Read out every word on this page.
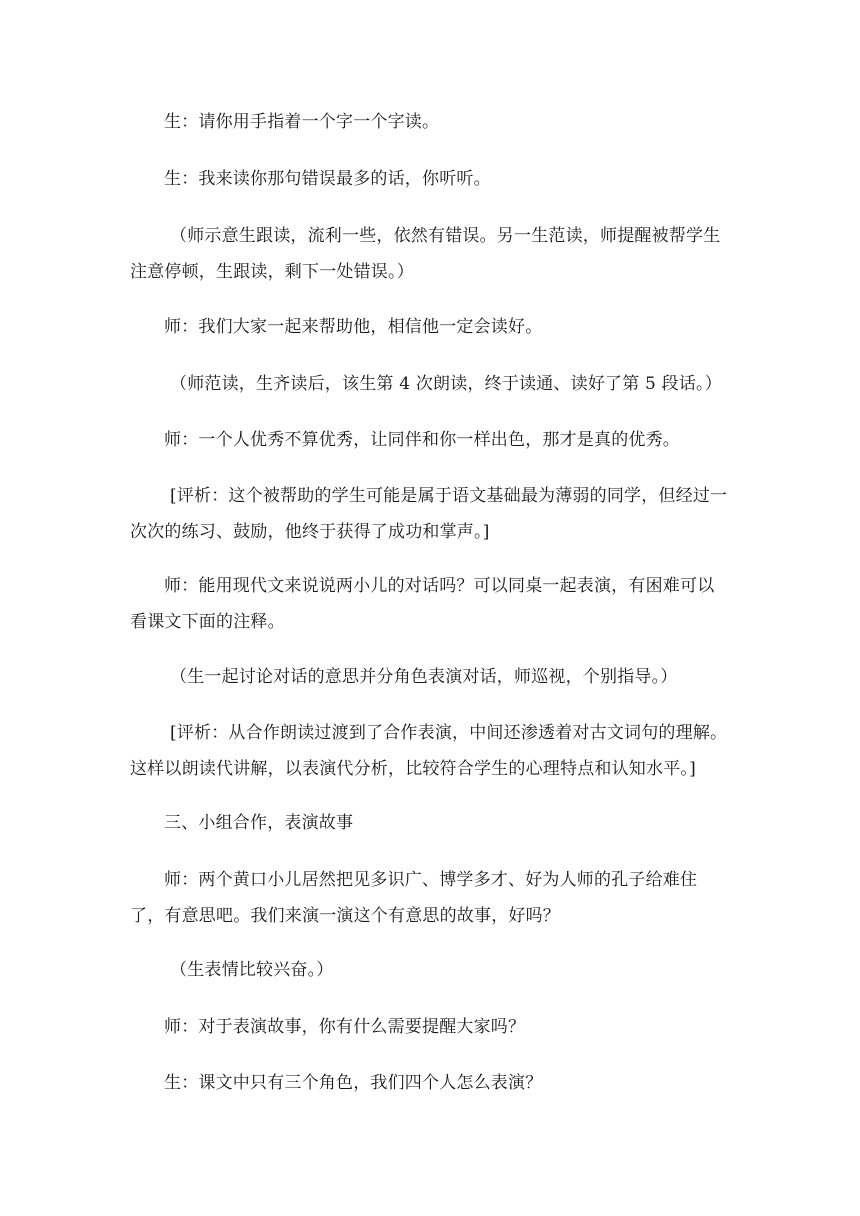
生：请你用手指着一个字一个字读。

生：我来读你那句错误最多的话，你听听。

（师示意生跟读，流利一些，依然有错误。另一生范读，师提醒被帮学生注意停顿，生跟读，剩下一处错误。）

师：我们大家一起来帮助他，相信他一定会读好。

（师范读，生齐读后，该生第 4 次朗读，终于读通、读好了第 5 段话。）

师：一个人优秀不算优秀，让同伴和你一样出色，那才是真的优秀。

[评析：这个被帮助的学生可能是属于语文基础最为薄弱的同学，但经过一次次的练习、鼓励，他终于获得了成功和掌声。]

师：能用现代文来说说两小儿的对话吗？可以同桌一起表演，有困难可以看课文下面的注释。

（生一起讨论对话的意思并分角色表演对话，师巡视，个别指导。）

[评析：从合作朗读过渡到了合作表演，中间还渗透着对古文词句的理解。这样以朗读代讲解，以表演代分析，比较符合学生的心理特点和认知水平。]

三、小组合作，表演故事

师：两个黄口小儿居然把见多识广、博学多才、好为人师的孔子给难住了，有意思吧。我们来演一演这个有意思的故事，好吗？

（生表情比较兴奋。）

师：对于表演故事，你有什么需要提醒大家吗？

生：课文中只有三个角色，我们四个人怎么表演？
